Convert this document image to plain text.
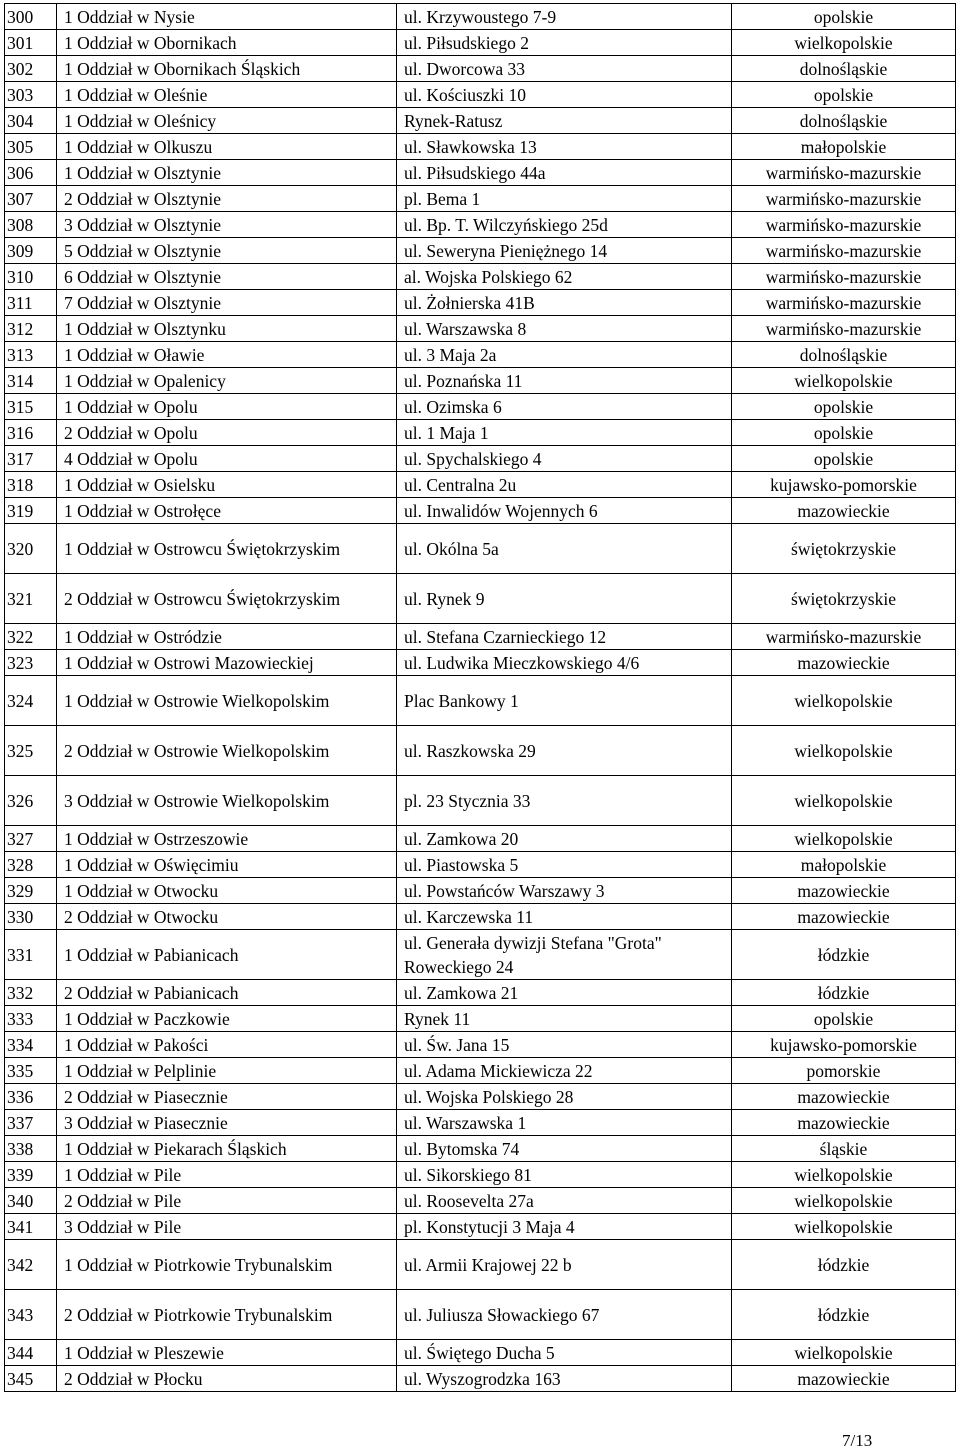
300	1 Oddział w Nysie	ul. Krzywoustego 7-9	opolskie
301	1 Oddział w Obornikach	ul. Piłsudskiego 2	wielkopolskie
302	1 Oddział w Obornikach Śląskich	ul. Dworcowa 33	dolnośląskie
303	1 Oddział w Oleśnie	ul. Kościuszki 10	opolskie
304	1 Oddział w Oleśnicy	Rynek-Ratusz	dolnośląskie
305	1 Oddział w Olkuszu	ul. Sławkowska 13	małopolskie
306	1 Oddział w Olsztynie	ul. Piłsudskiego 44a	warmińsko-mazurskie
307	2 Oddział w Olsztynie	pl. Bema 1	warmińsko-mazurskie
308	3 Oddział w Olsztynie	ul. Bp. T. Wilczyńskiego 25d	warmińsko-mazurskie
309	5 Oddział w Olsztynie	ul. Seweryna Pieniężnego 14	warmińsko-mazurskie
310	6 Oddział w Olsztynie	al. Wojska Polskiego 62	warmińsko-mazurskie
311	7 Oddział w Olsztynie	ul. Żołnierska 41B	warmińsko-mazurskie
312	1 Oddział w Olsztynku	ul. Warszawska 8	warmińsko-mazurskie
313	1 Oddział w Oławie	ul. 3 Maja 2a	dolnośląskie
314	1 Oddział w Opalenicy	ul. Poznańska 11	wielkopolskie
315	1 Oddział w Opolu	ul. Ozimska 6	opolskie
316	2 Oddział w Opolu	ul. 1 Maja 1	opolskie
317	4 Oddział w Opolu	ul. Spychalskiego 4	opolskie
318	1 Oddział w Osielsku	ul. Centralna 2u	kujawsko-pomorskie
319	1 Oddział w Ostrołęce	ul. Inwalidów Wojennych 6	mazowieckie
320	1 Oddział w Ostrowcu Świętokrzyskim	ul. Okólna 5a	świętokrzyskie
321	2 Oddział w Ostrowcu Świętokrzyskim	ul. Rynek 9	świętokrzyskie
322	1 Oddział w Ostródzie	ul. Stefana Czarnieckiego 12	warmińsko-mazurskie
323	1 Oddział w Ostrowi Mazowieckiej	ul. Ludwika Mieczkowskiego 4/6	mazowieckie
324	1 Oddział w Ostrowie Wielkopolskim	Plac Bankowy 1	wielkopolskie
325	2 Oddział w Ostrowie Wielkopolskim	ul. Raszkowska 29	wielkopolskie
326	3 Oddział w Ostrowie Wielkopolskim	pl. 23 Stycznia 33	wielkopolskie
327	1 Oddział w Ostrzeszowie	ul. Zamkowa 20	wielkopolskie
328	1 Oddział w Oświęcimiu	ul. Piastowska 5	małopolskie
329	1 Oddział w Otwocku	ul. Powstańców Warszawy 3	mazowieckie
330	2 Oddział w Otwocku	ul. Karczewska 11	mazowieckie
331	1 Oddział w Pabianicach	ul. Generała dywizji Stefana "Grota" Roweckiego 24	łódzkie
332	2 Oddział w Pabianicach	ul. Zamkowa 21	łódzkie
333	1 Oddział w Paczkowie	Rynek 11	opolskie
334	1 Oddział w Pakości	ul. Św. Jana 15	kujawsko-pomorskie
335	1 Oddział w Pelplinie	ul. Adama Mickiewicza 22	pomorskie
336	2 Oddział w Piasecznie	ul. Wojska Polskiego 28	mazowieckie
337	3 Oddział w Piasecznie	ul. Warszawska 1	mazowieckie
338	1 Oddział w Piekarach Śląskich	ul. Bytomska 74	śląskie
339	1 Oddział w Pile	ul. Sikorskiego 81	wielkopolskie
340	2 Oddział w Pile	ul. Roosevelta 27a	wielkopolskie
341	3 Oddział w Pile	pl. Konstytucji 3 Maja 4	wielkopolskie
342	1 Oddział w Piotrkowie Trybunalskim	ul. Armii Krajowej 22 b	łódzkie
343	2 Oddział w Piotrkowie Trybunalskim	ul. Juliusza Słowackiego 67	łódzkie
344	1 Oddział w Pleszewie	ul. Świętego Ducha 5	wielkopolskie
345	2 Oddział w Płocku	ul. Wyszogrodzka 163	mazowieckie
7/13
